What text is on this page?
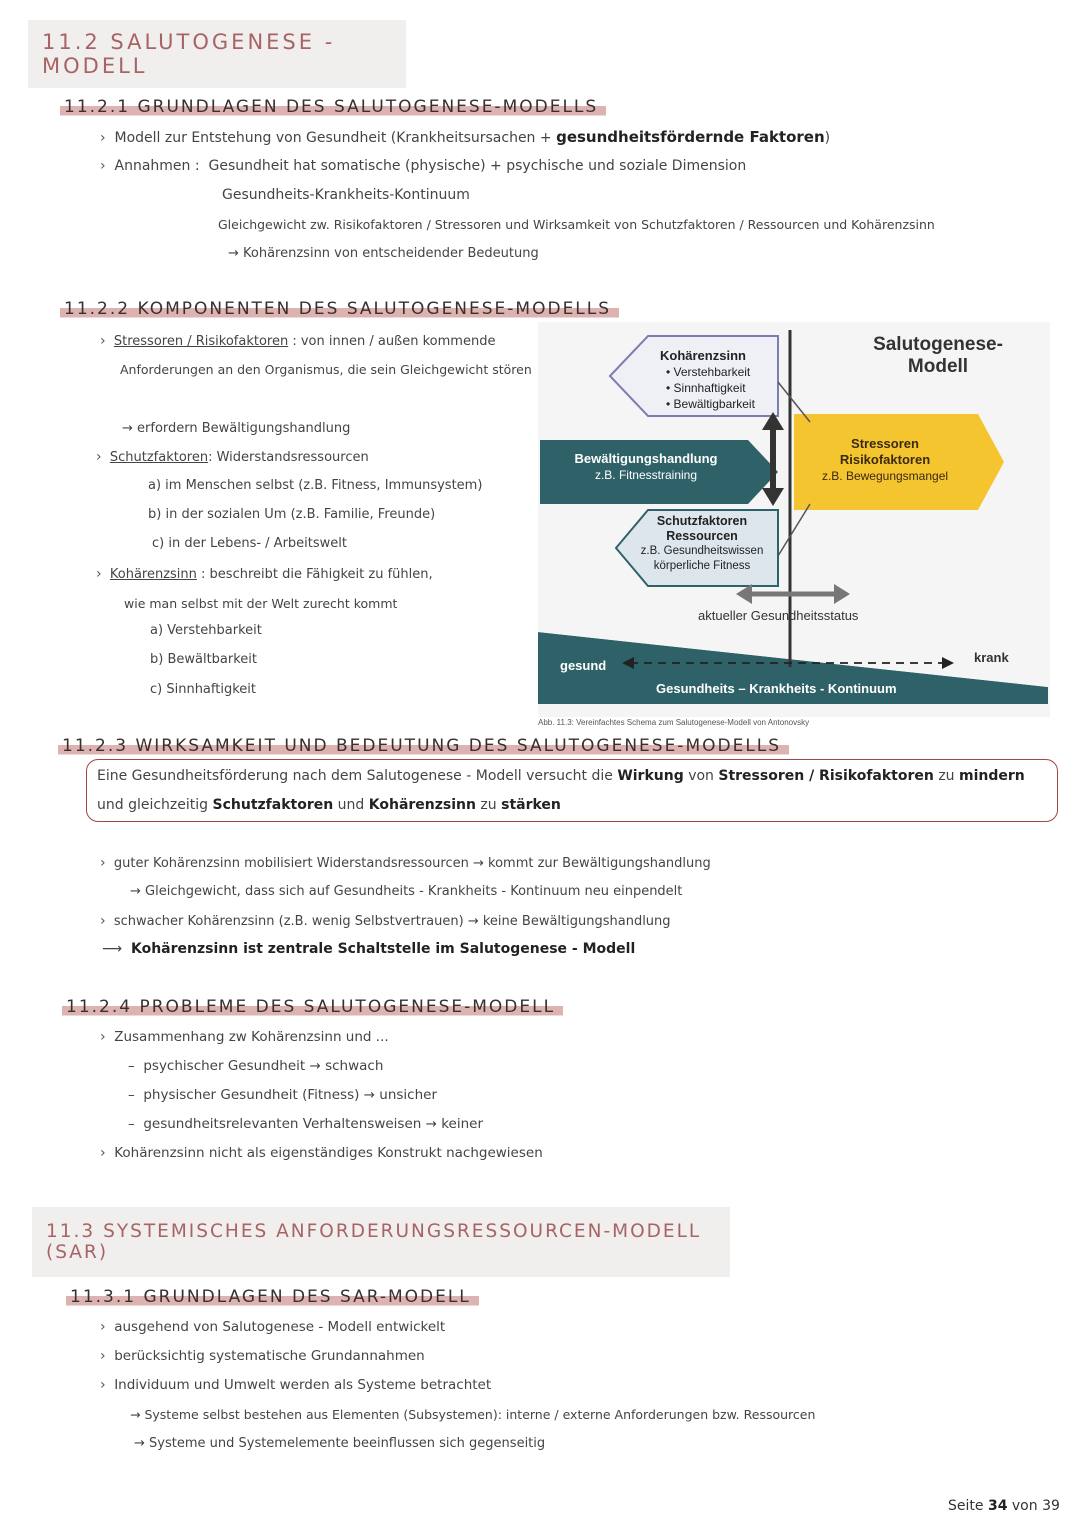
11.2 SALUTOGENESE - MODELL
11.2.1 GRUNDLAGEN DES SALUTOGENESE-MODELLS
› Modell zur Entstehung von Gesundheit (Krankheitsursachen + gesundheitsfördernde Faktoren)
› Annahmen : Gesundheit hat somatische (physische) + psychische und soziale Dimension
Gesundheits-Krankheits-Kontinuum
Gleichgewicht zw. Risikofaktoren / Stressoren und Wirksamkeit von Schutzfaktoren / Ressourcen und Kohärenzsinn
→ Kohärenzsinn von entscheidender Bedeutung
11.2.2 KOMPONENTEN DES SALUTOGENESE-MODELLS
› Stressoren / Risikofaktoren : von innen / außen kommende
Anforderungen an den Organismus, die sein Gleichgewicht stören
→ erfordern Bewältigungshandlung
› Schutzfaktoren: Widerstandsressourcen
a) im Menschen selbst (z.B. Fitness, Immunsystem)
b) in der sozialen Um (z.B. Familie, Freunde)
c) in der Lebens- / Arbeitswelt
› Kohärenzsinn : beschreibt die Fähigkeit zu fühlen,
wie man selbst mit der Welt zurecht kommt
a) Verstehbarkeit
b) Bewältbarkeit
c) Sinnhaftigkeit
Salutogenese-
Modell
Kohärenzsinn
• Verstehbarkeit
• Sinnhaftigkeit
• Bewältigbarkeit
Bewältigungshandlung
z.B. Fitnesstraining
Stressoren
Risikofaktoren
z.B. Bewegungsmangel
Schutzfaktoren
Ressourcen
z.B. Gesundheitswissen
körperliche Fitness
aktueller Gesundheitsstatus
gesund
krank
Gesundheits – Krankheits - Kontinuum
Abb. 11.3: Vereinfachtes Schema zum Salutogenese-Modell von Antonovsky
11.2.3 WIRKSAMKEIT UND BEDEUTUNG DES SALUTOGENESE-MODELLS
Eine Gesundheitsförderung nach dem Salutogenese - Modell versucht die Wirkung von Stressoren / Risikofaktoren zu mindern
und gleichzeitig Schutzfaktoren und Kohärenzsinn zu stärken
› guter Kohärenzsinn mobilisiert Widerstandsressourcen → kommt zur Bewältigungshandlung
→ Gleichgewicht, dass sich auf Gesundheits - Krankheits - Kontinuum neu einpendelt
› schwacher Kohärenzsinn (z.B. wenig Selbstvertrauen) → keine Bewältigungshandlung
⟶ Kohärenzsinn ist zentrale Schaltstelle im Salutogenese - Modell
11.2.4 PROBLEME DES SALUTOGENESE-MODELL
› Zusammenhang zw Kohärenzsinn und ...
–  psychischer Gesundheit → schwach
–  physischer Gesundheit (Fitness) → unsicher
–  gesundheitsrelevanten Verhaltensweisen → keiner
› Kohärenzsinn nicht als eigenständiges Konstrukt nachgewiesen
11.3 SYSTEMISCHES ANFORDERUNGSRESSOURCEN-MODELL (SAR)
11.3.1 GRUNDLAGEN DES SAR-MODELL
› ausgehend von Salutogenese - Modell entwickelt
› berücksichtig systematische Grundannahmen
› Individuum und Umwelt werden als Systeme betrachtet
→ Systeme selbst bestehen aus Elementen (Subsystemen): interne / externe Anforderungen bzw. Ressourcen
→ Systeme und Systemelemente beeinflussen sich gegenseitig
Seite 34 von 39
